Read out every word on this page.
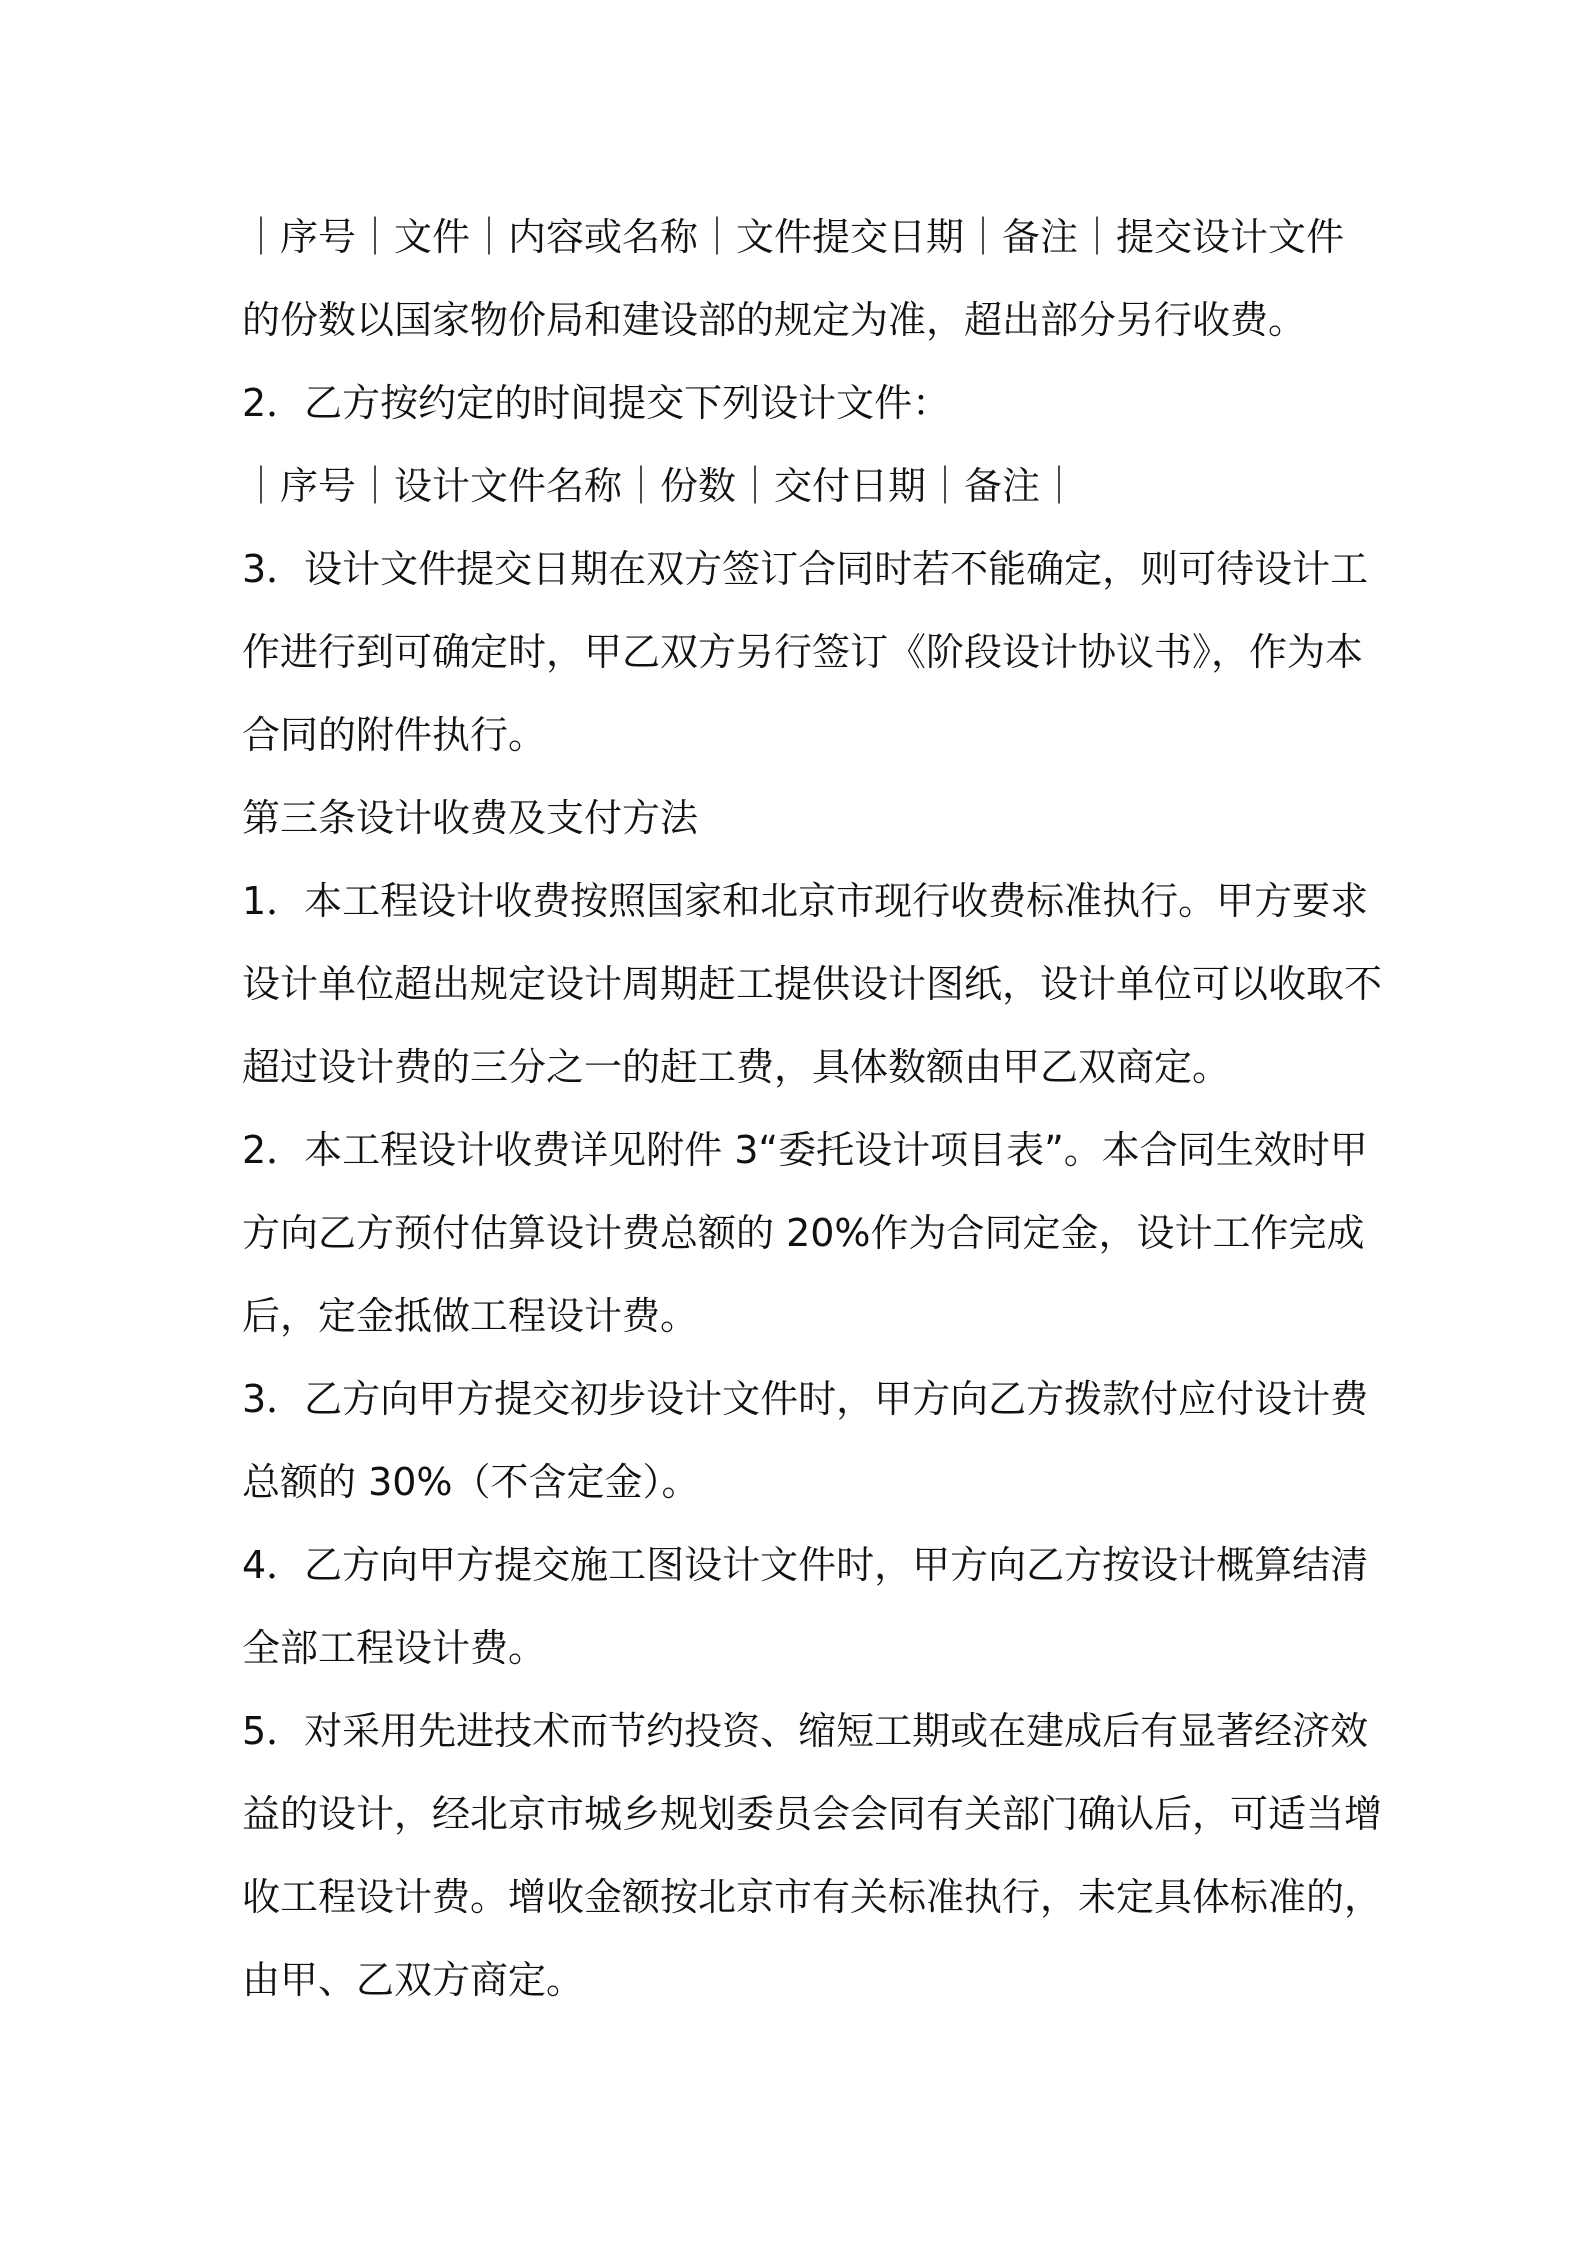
｜序号｜文件｜内容或名称｜文件提交日期｜备注｜提交设计文件

的份数以国家物价局和建设部的规定为准，超出部分另行收费。

2．乙方按约定的时间提交下列设计文件：

｜序号｜设计文件名称｜份数｜交付日期｜备注｜

3．设计文件提交日期在双方签订合同时若不能确定，则可待设计工

作进行到可确定时，甲乙双方另行签订《阶段设计协议书》，作为本

合同的附件执行。

第三条设计收费及支付方法

1．本工程设计收费按照国家和北京市现行收费标准执行。甲方要求

设计单位超出规定设计周期赶工提供设计图纸，设计单位可以收取不

超过设计费的三分之一的赶工费，具体数额由甲乙双商定。

2．本工程设计收费详见附件 3“委托设计项目表”。本合同生效时甲

方向乙方预付估算设计费总额的 20%作为合同定金，设计工作完成

后，定金抵做工程设计费。

3．乙方向甲方提交初步设计文件时，甲方向乙方拨款付应付设计费

总额的 30%（不含定金）。

4．乙方向甲方提交施工图设计文件时，甲方向乙方按设计概算结清

全部工程设计费。

5．对采用先进技术而节约投资、缩短工期或在建成后有显著经济效

益的设计，经北京市城乡规划委员会会同有关部门确认后，可适当增

收工程设计费。增收金额按北京市有关标准执行，未定具体标准的，

由甲、乙双方商定。
